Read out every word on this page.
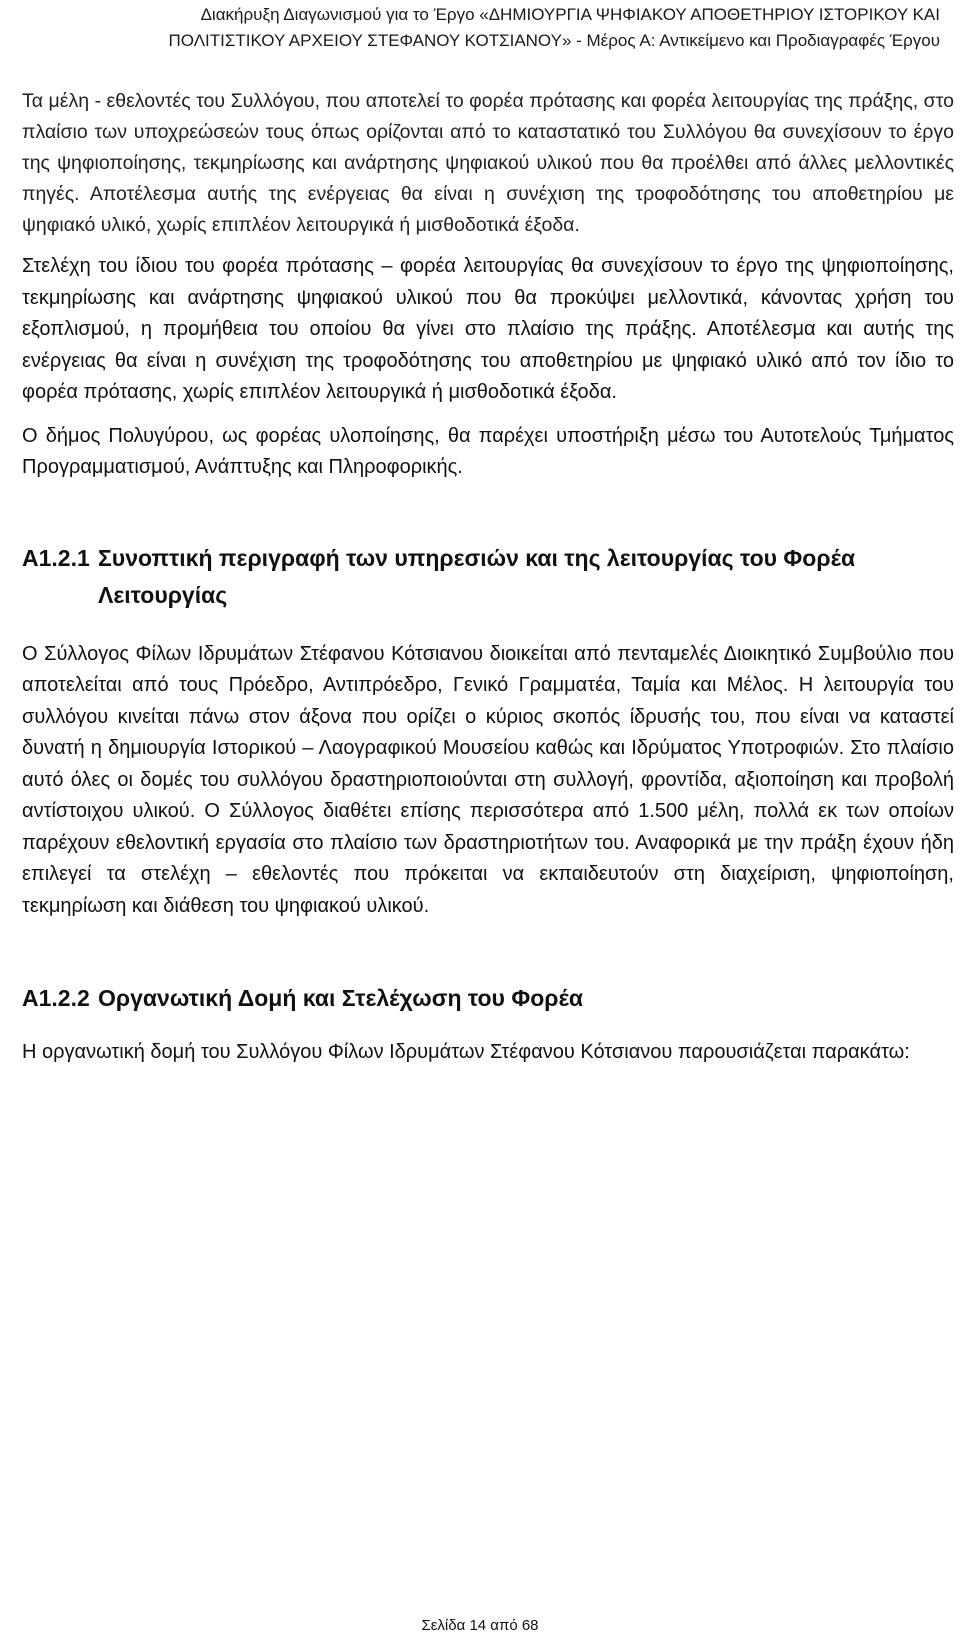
Διακήρυξη Διαγωνισμού για το Έργο «ΔΗΜΙΟΥΡΓΙΑ ΨΗΦΙΑΚΟΥ ΑΠΟΘΕΤΗΡΙΟΥ ΙΣΤΟΡΙΚΟΥ ΚΑΙ
ΠΟΛΙΤΙΣΤΙΚΟΥ ΑΡΧΕΙΟΥ ΣΤΕΦΑΝΟΥ ΚΟΤΣΙΑΝΟΥ» - Μέρος Α: Αντικείμενο και Προδιαγραφές Έργου

Τα μέλη - εθελοντές του Συλλόγου, που αποτελεί το φορέα πρότασης και φορέα λειτουργίας της πράξης, στο πλαίσιο των υποχρεώσεών τους όπως ορίζονται από το καταστατικό του Συλλόγου θα συνεχίσουν το έργο της ψηφιοποίησης, τεκμηρίωσης και ανάρτησης ψηφιακού υλικού που θα προέλθει από άλλες μελλοντικές πηγές. Αποτέλεσμα αυτής της ενέργειας θα είναι η συνέχιση της τροφοδότησης του αποθετηρίου με ψηφιακό υλικό, χωρίς επιπλέον λειτουργικά ή μισθοδοτικά έξοδα.

Στελέχη του ίδιου του φορέα πρότασης – φορέα λειτουργίας θα συνεχίσουν το έργο της ψηφιοποίησης, τεκμηρίωσης και ανάρτησης ψηφιακού υλικού που θα προκύψει μελλοντικά, κάνοντας χρήση του εξοπλισμού, η προμήθεια του οποίου θα γίνει στο πλαίσιο της πράξης. Αποτέλεσμα και αυτής της ενέργειας θα είναι η συνέχιση της τροφοδότησης του αποθετηρίου με ψηφιακό υλικό από τον ίδιο το φορέα πρότασης, χωρίς επιπλέον λειτουργικά ή μισθοδοτικά έξοδα.

Ο δήμος Πολυγύρου, ως φορέας υλοποίησης, θα παρέχει υποστήριξη μέσω του Αυτοτελούς Τμήματος Προγραμματισμού, Ανάπτυξης και Πληροφορικής.

Α1.2.1 Συνοπτική περιγραφή των υπηρεσιών και της λειτουργίας του Φορέα Λειτουργίας

Ο Σύλλογος Φίλων Ιδρυμάτων Στέφανου Κότσιανου διοικείται από πενταμελές Διοικητικό Συμβούλιο που αποτελείται από τους Πρόεδρο, Αντιπρόεδρο, Γενικό Γραμματέα, Ταμία και Μέλος. Η λειτουργία του συλλόγου κινείται πάνω στον άξονα που ορίζει ο κύριος σκοπός ίδρυσής του, που είναι να καταστεί δυνατή η δημιουργία Ιστορικού – Λαογραφικού Μουσείου καθώς και Ιδρύματος Υποτροφιών. Στο πλαίσιο αυτό όλες οι δομές του συλλόγου δραστηριοποιούνται στη συλλογή, φροντίδα, αξιοποίηση και προβολή αντίστοιχου υλικού. Ο Σύλλογος διαθέτει επίσης περισσότερα από 1.500 μέλη, πολλά εκ των οποίων παρέχουν εθελοντική εργασία στο πλαίσιο των δραστηριοτήτων του. Αναφορικά με την πράξη έχουν ήδη επιλεγεί τα στελέχη – εθελοντές που πρόκειται να εκπαιδευτούν στη διαχείριση, ψηφιοποίηση, τεκμηρίωση και διάθεση του ψηφιακού υλικού.

Α1.2.2 Οργανωτική Δομή και Στελέχωση του Φορέα

Η οργανωτική δομή του Συλλόγου Φίλων Ιδρυμάτων Στέφανου Κότσιανου παρουσιάζεται παρακάτω:

Σελίδα 14 από 68
